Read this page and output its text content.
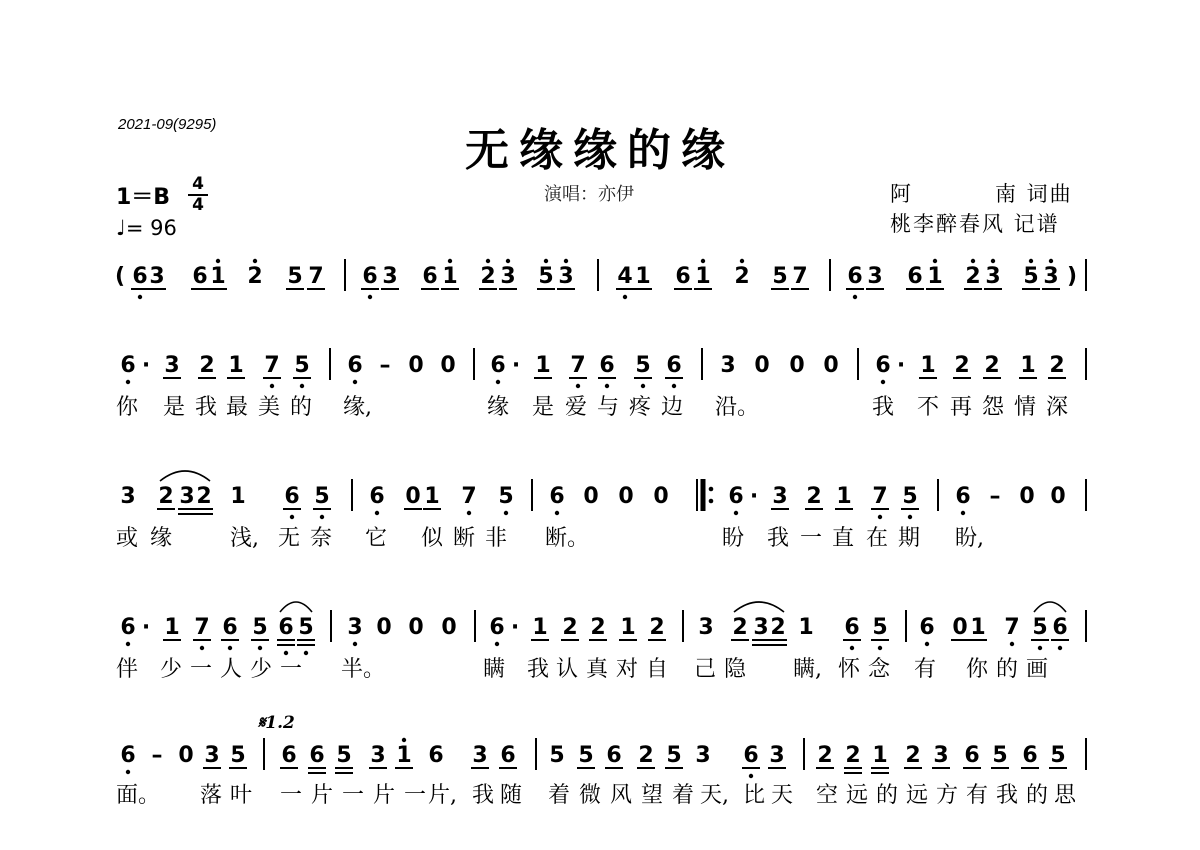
2021-09(9295)
无缘缘的缘
1＝B
4
4
♩= 96
演唱：亦伊	阿	南 词曲
桃李醉春风 记谱
( 6 3 6 1 2 5 7 6 3 6 1 2 3 5 3 4 1 6 1 2 5 7 6 3 6 1 2 3 5 3 )
6 · 3 2 1 7 5 6 – 0 0 6 · 1 7 6 5 6 3 0 0 0 6 · 1 2 2 1 2
你 是 我 最 美 的 缘,	缘 是 爱 与 疼 边 沿。	我 不 再 怨 情 深
3 2 3 2 1 6 5 6 0 1 7 5 6 0 0 0	6 · 3 2 1 7 5 6 – 0 0
或 缘	浅, 无 奈 它 似 断 非 断。	盼 我 一 直 在 期 盼,
6 · 1 7 6 5 6 5 3 0 0 0 6 · 1 2 2 1 2 3 2 3 2 1 6 5 6 0 1 7 5 6
伴 少 一 人 少 一 半。	瞒 我 认 真 对 自 己 隐 瞒, 怀 念 有 你 的 画
6 – 0 3 5 6 6 5 3 1 6 3 6 5 5 6 2 5 3 6 3 2 2 1 2 3 6 5 6 5
面。 落 叶 一 片 一 片 一 片, 我 随 着 微 风 望 着 天, 比 天 空 远 的 远 方 有 我 的 思
𝄋1.2
